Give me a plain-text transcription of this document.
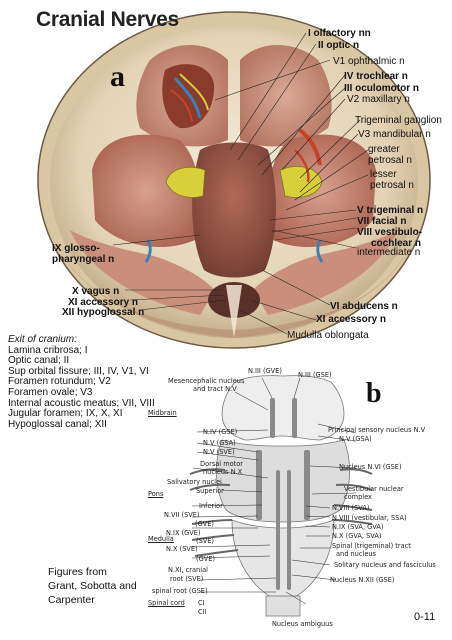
Cranial Nerves
a
I olfactory nn
II optic n
V1 ophthalmic n
IV trochlear n
III oculomotor n
V2 maxillary n
Trigeminal ganglion
V3 mandibular n
greater
petrosal n
lesser
petrosal n
V trigeminal n
VII facial n
VIII vestibulo-
cochlear n
intermediate n
IX glosso-
pharyngeal n
X vagus n
XI accessory n
XII hypoglossal n
VI abducens n
XI accessory n
Mudulla oblongata
Exit of cranium:
Lamina cribrosa; I
Optic canal; II
Sup orbital fissure; III, IV, V1, VI
Foramen rotundum; V2
Foramen ovale; V3
Internal acoustic meatus; VII, VIII
Jugular foramen; IX, X, XI
Hypoglossal canal; XII
b
N.III (GVE) N.III (GSE)
Mesencephalic nucleus
and tract N.V
Midbrain
N.IV (GSE)
N.V (GSA)
N.V (SVE)
Dorsal motor
nucleus N.X
Salivatory nuclei
Superior
Pons
Inferior
N.VII (SVE)
(GVE)
N.IX (GVE)
Medulla	(SVE)
N.X (SVE)
(GVE)
N.XI, cranial
root (SVE)
spinal root (GSE)
Spinal cord CI
CII
Principal sensory nucleus N.V
N.V (GSA)
Nucleus N.VI (GSE)
Vestibular nuclear
complex
N.VIII (SVA)
N.VIII (vestibular, SSA)
N.IX (SVA, GVA)
N.X (GVA, SVA)
Spinal (trigeminal) tract
and nucleus
Solitary nucleus and fasciculus
Nucleus N.XII (GSE)
Nucleus ambiguus
Figures from Grant, Sobotta and Carpenter
0-11
